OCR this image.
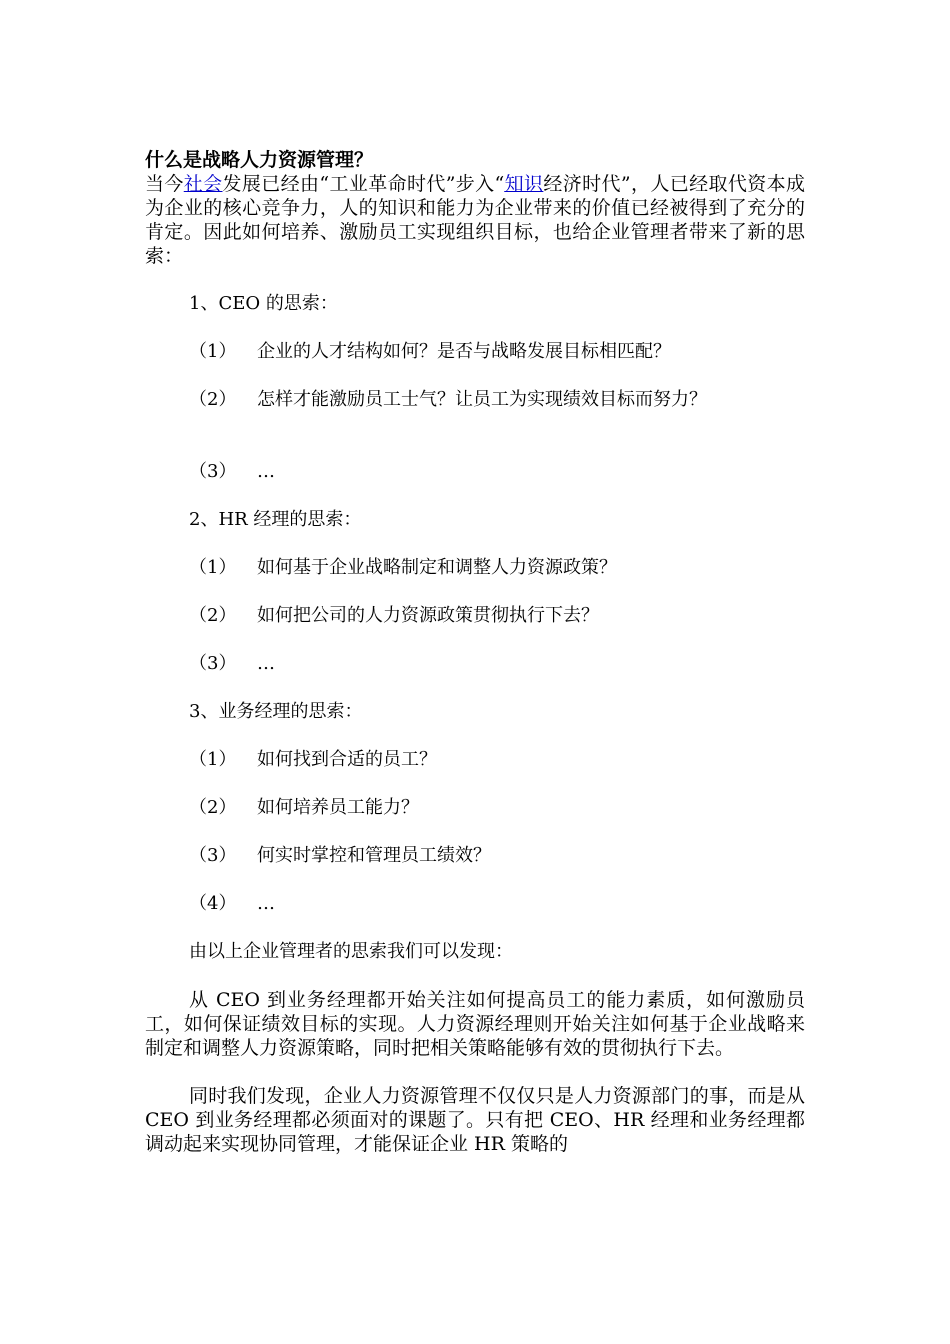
什么是战略人力资源管理？

当今社会发展已经由“工业革命时代”步入“知识经济时代”，人已经取代资本成为企业的核心竞争力，人的知识和能力为企业带来的价值已经被得到了充分的肯定。因此如何培养、激励员工实现组织目标，也给企业管理者带来了新的思索：

1、CEO 的思索：

（1）	企业的人才结构如何？是否与战略发展目标相匹配？
（2）	怎样才能激励员工士气？让员工为实现绩效目标而努力？
（3）	…

2、HR 经理的思索：

（1）	如何基于企业战略制定和调整人力资源政策？
（2）	如何把公司的人力资源政策贯彻执行下去？
（3）	…

3、业务经理的思索：

（1）	如何找到合适的员工？
（2）	如何培养员工能力？
（3）	何实时掌控和管理员工绩效？
（4）	…

由以上企业管理者的思索我们可以发现：

从 CEO 到业务经理都开始关注如何提高员工的能力素质，如何激励员工，如何保证绩效目标的实现。人力资源经理则开始关注如何基于企业战略来制定和调整人力资源策略，同时把相关策略能够有效的贯彻执行下去。

同时我们发现，企业人力资源管理不仅仅只是人力资源部门的事，而是从 CEO 到业务经理都必须面对的课题了。只有把 CEO、HR 经理和业务经理都调动起来实现协同管理，才能保证企业 HR 策略的
